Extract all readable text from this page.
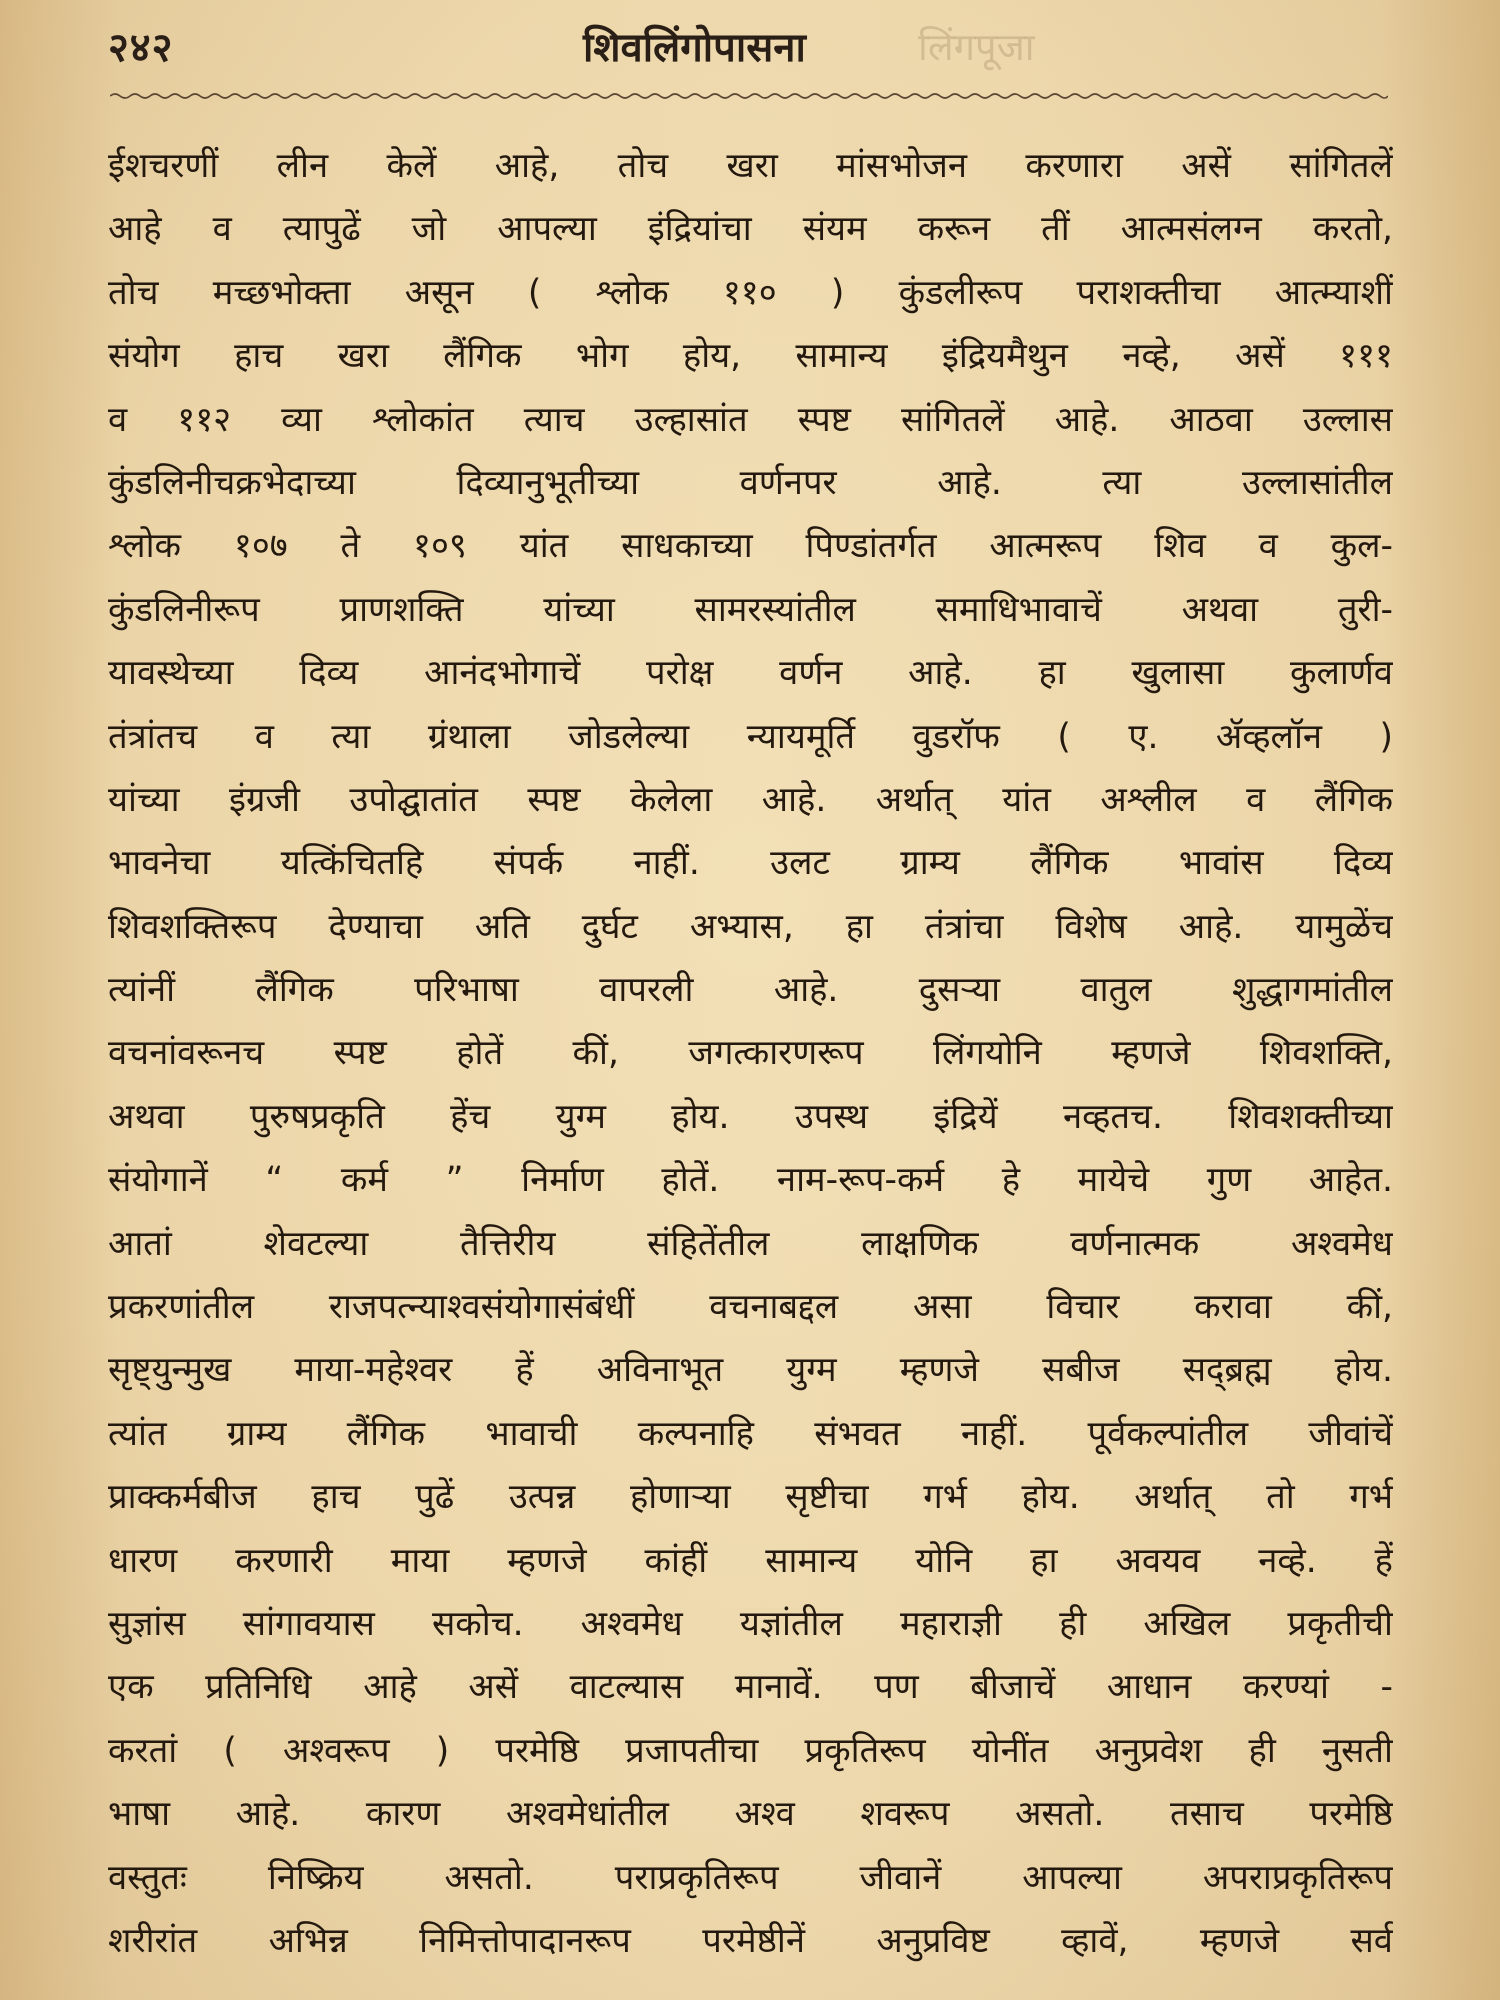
२४२	शिवलिंगोपासना	लिंगपूजा
ईशचरणीं लीन केलें आहे, तोच खरा मांसभोजन करणारा असें सांगितलें
आहे व त्यापुढें जो आपल्या इंद्रियांचा संयम करून तीं आत्मसंलग्न करतो,
तोच मच्छभोक्ता असून ( श्लोक ११० ) कुंडलीरूप पराशक्तीचा आत्म्याशीं
संयोग हाच खरा लैंगिक भोग होय, सामान्य इंद्रियमैथुन नव्हे, असें १११
व ११२ व्या श्लोकांत त्याच उल्हासांत स्पष्ट सांगितलें आहे. आठवा उल्लास
कुंडलिनीचक्रभेदाच्या दिव्यानुभूतीच्या वर्णनपर आहे. त्या उल्लासांतील
श्लोक १०७ ते १०९ यांत साधकाच्या पिण्डांतर्गत आत्मरूप शिव व कुल-
कुंडलिनीरूप प्राणशक्ति यांच्या सामरस्यांतील समाधिभावाचें अथवा तुरी-
यावस्थेच्या दिव्य आनंदभोगाचें परोक्ष वर्णन आहे. हा खुलासा कुलार्णव
तंत्रांतच व त्या ग्रंथाला जोडलेल्या न्यायमूर्ति वुडरॉफ ( ए. ॲव्हलॉन )
यांच्या इंग्रजी उपोद्घातांत स्पष्ट केलेला आहे. अर्थात् यांत अश्लील व लैंगिक
भावनेचा यत्किंचितहि संपर्क नाहीं. उलट ग्राम्य लैंगिक भावांस दिव्य
शिवशक्तिरूप देण्याचा अति दुर्घट अभ्यास, हा तंत्रांचा विशेष आहे. यामुळेंच
त्यांनीं लैंगिक परिभाषा वापरली आहे. दुसऱ्या वातुल शुद्धागमांतील
वचनांवरूनच स्पष्ट होतें कीं, जगत्कारणरूप लिंगयोनि म्हणजे शिवशक्ति,
अथवा पुरुषप्रकृति हेंच युग्म होय. उपस्थ इंद्रियें नव्हतच. शिवशक्तीच्या
संयोगानें “ कर्म ” निर्माण होतें. नाम-रूप-कर्म हे मायेचे गुण आहेत.
आतां शेवटल्या तैत्तिरीय संहितेंतील लाक्षणिक वर्णनात्मक अश्वमेध
प्रकरणांतील राजपत्न्याश्वसंयोगासंबंधीं वचनाबद्दल असा विचार करावा कीं,
सृष्ट्युन्मुख माया-महेश्वर हें अविनाभूत युग्म म्हणजे सबीज सद्ब्रह्म होय.
त्यांत ग्राम्य लैंगिक भावाची कल्पनाहि संभवत नाहीं. पूर्वकल्पांतील जीवांचें
प्राक्कर्मबीज हाच पुढें उत्पन्न होणाऱ्या सृष्टीचा गर्भ होय. अर्थात् तो गर्भ
धारण करणारी माया म्हणजे कांहीं सामान्य योनि हा अवयव नव्हे. हें
सुज्ञांस सांगावयास सकोच. अश्वमेध यज्ञांतील महाराज्ञी ही अखिल प्रकृतीची
एक प्रतिनिधि आहे असें वाटल्यास मानावें. पण बीजाचें आधान करण्यां -
करतां ( अश्वरूप ) परमेष्ठि प्रजापतीचा प्रकृतिरूप योनींत अनुप्रवेश ही नुसती
भाषा आहे. कारण अश्वमेधांतील अश्व शवरूप असतो. तसाच परमेष्ठि
वस्तुतः निष्क्रिय असतो. पराप्रकृतिरूप जीवानें आपल्या अपराप्रकृतिरूप
शरीरांत अभिन्न निमित्तोपादानरूप परमेष्ठीनें अनुप्रविष्ट व्हावें, म्हणजे सर्व
